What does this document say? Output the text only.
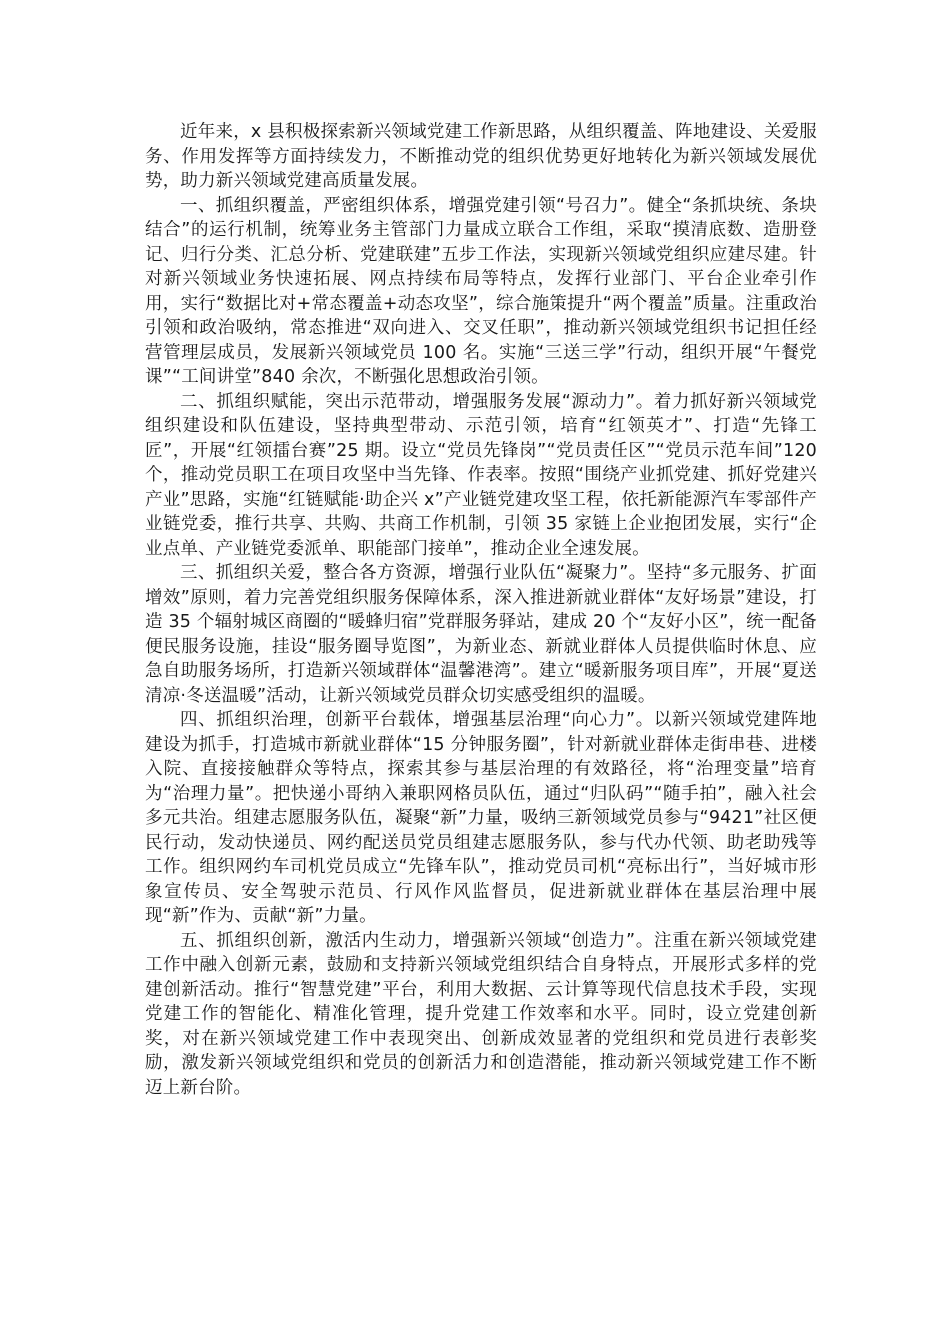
近年来，x 县积极探索新兴领域党建工作新思路，从组织覆盖、阵地建设、关爱服务、作用发挥等方面持续发力，不断推动党的组织优势更好地转化为新兴领域发展优势，助力新兴领域党建高质量发展。

一、抓组织覆盖，严密组织体系，增强党建引领“号召力”。健全“条抓块统、条块结合”的运行机制，统筹业务主管部门力量成立联合工作组，采取“摸清底数、造册登记、归行分类、汇总分析、党建联建”五步工作法，实现新兴领域党组织应建尽建。针对新兴领域业务快速拓展、网点持续布局等特点，发挥行业部门、平台企业牵引作用，实行“数据比对+常态覆盖+动态攻坚”，综合施策提升“两个覆盖”质量。注重政治引领和政治吸纳，常态推进“双向进入、交叉任职”，推动新兴领域党组织书记担任经营管理层成员，发展新兴领域党员 100 名。实施“三送三学”行动，组织开展“午餐党课”“工间讲堂”840 余次，不断强化思想政治引领。

二、抓组织赋能，突出示范带动，增强服务发展“源动力”。着力抓好新兴领域党组织建设和队伍建设，坚持典型带动、示范引领，培育“红领英才”、打造“先锋工匠”，开展“红领擂台赛”25 期。设立“党员先锋岗”“党员责任区”“党员示范车间”120 个，推动党员职工在项目攻坚中当先锋、作表率。按照“围绕产业抓党建、抓好党建兴产业”思路，实施“红链赋能·助企兴 x”产业链党建攻坚工程，依托新能源汽车零部件产业链党委，推行共享、共购、共商工作机制，引领 35 家链上企业抱团发展，实行“企业点单、产业链党委派单、职能部门接单”，推动企业全速发展。

三、抓组织关爱，整合各方资源，增强行业队伍“凝聚力”。坚持“多元服务、扩面增效”原则，着力完善党组织服务保障体系，深入推进新就业群体“友好场景”建设，打造 35 个辐射城区商圈的“暖蜂归宿”党群服务驿站，建成 20 个“友好小区”，统一配备便民服务设施，挂设“服务圈导览图”，为新业态、新就业群体人员提供临时休息、应急自助服务场所，打造新兴领域群体“温馨港湾”。建立“暖新服务项目库”，开展“夏送清凉·冬送温暖”活动，让新兴领域党员群众切实感受组织的温暖。

四、抓组织治理，创新平台载体，增强基层治理“向心力”。以新兴领域党建阵地建设为抓手，打造城市新就业群体“15 分钟服务圈”，针对新就业群体走街串巷、进楼入院、直接接触群众等特点，探索其参与基层治理的有效路径，将“治理变量”培育为“治理力量”。把快递小哥纳入兼职网格员队伍，通过“归队码”“随手拍”，融入社会多元共治。组建志愿服务队伍，凝聚“新”力量，吸纳三新领域党员参与“9421”社区便民行动，发动快递员、网约配送员党员组建志愿服务队，参与代办代领、助老助残等工作。组织网约车司机党员成立“先锋车队”，推动党员司机“亮标出行”，当好城市形象宣传员、安全驾驶示范员、行风作风监督员，促进新就业群体在基层治理中展现“新”作为、贡献“新”力量。

五、抓组织创新，激活内生动力，增强新兴领域“创造力”。注重在新兴领域党建工作中融入创新元素，鼓励和支持新兴领域党组织结合自身特点，开展形式多样的党建创新活动。推行“智慧党建”平台，利用大数据、云计算等现代信息技术手段，实现党建工作的智能化、精准化管理，提升党建工作效率和水平。同时，设立党建创新奖，对在新兴领域党建工作中表现突出、创新成效显著的党组织和党员进行表彰奖励，激发新兴领域党组织和党员的创新活力和创造潜能，推动新兴领域党建工作不断迈上新台阶。
